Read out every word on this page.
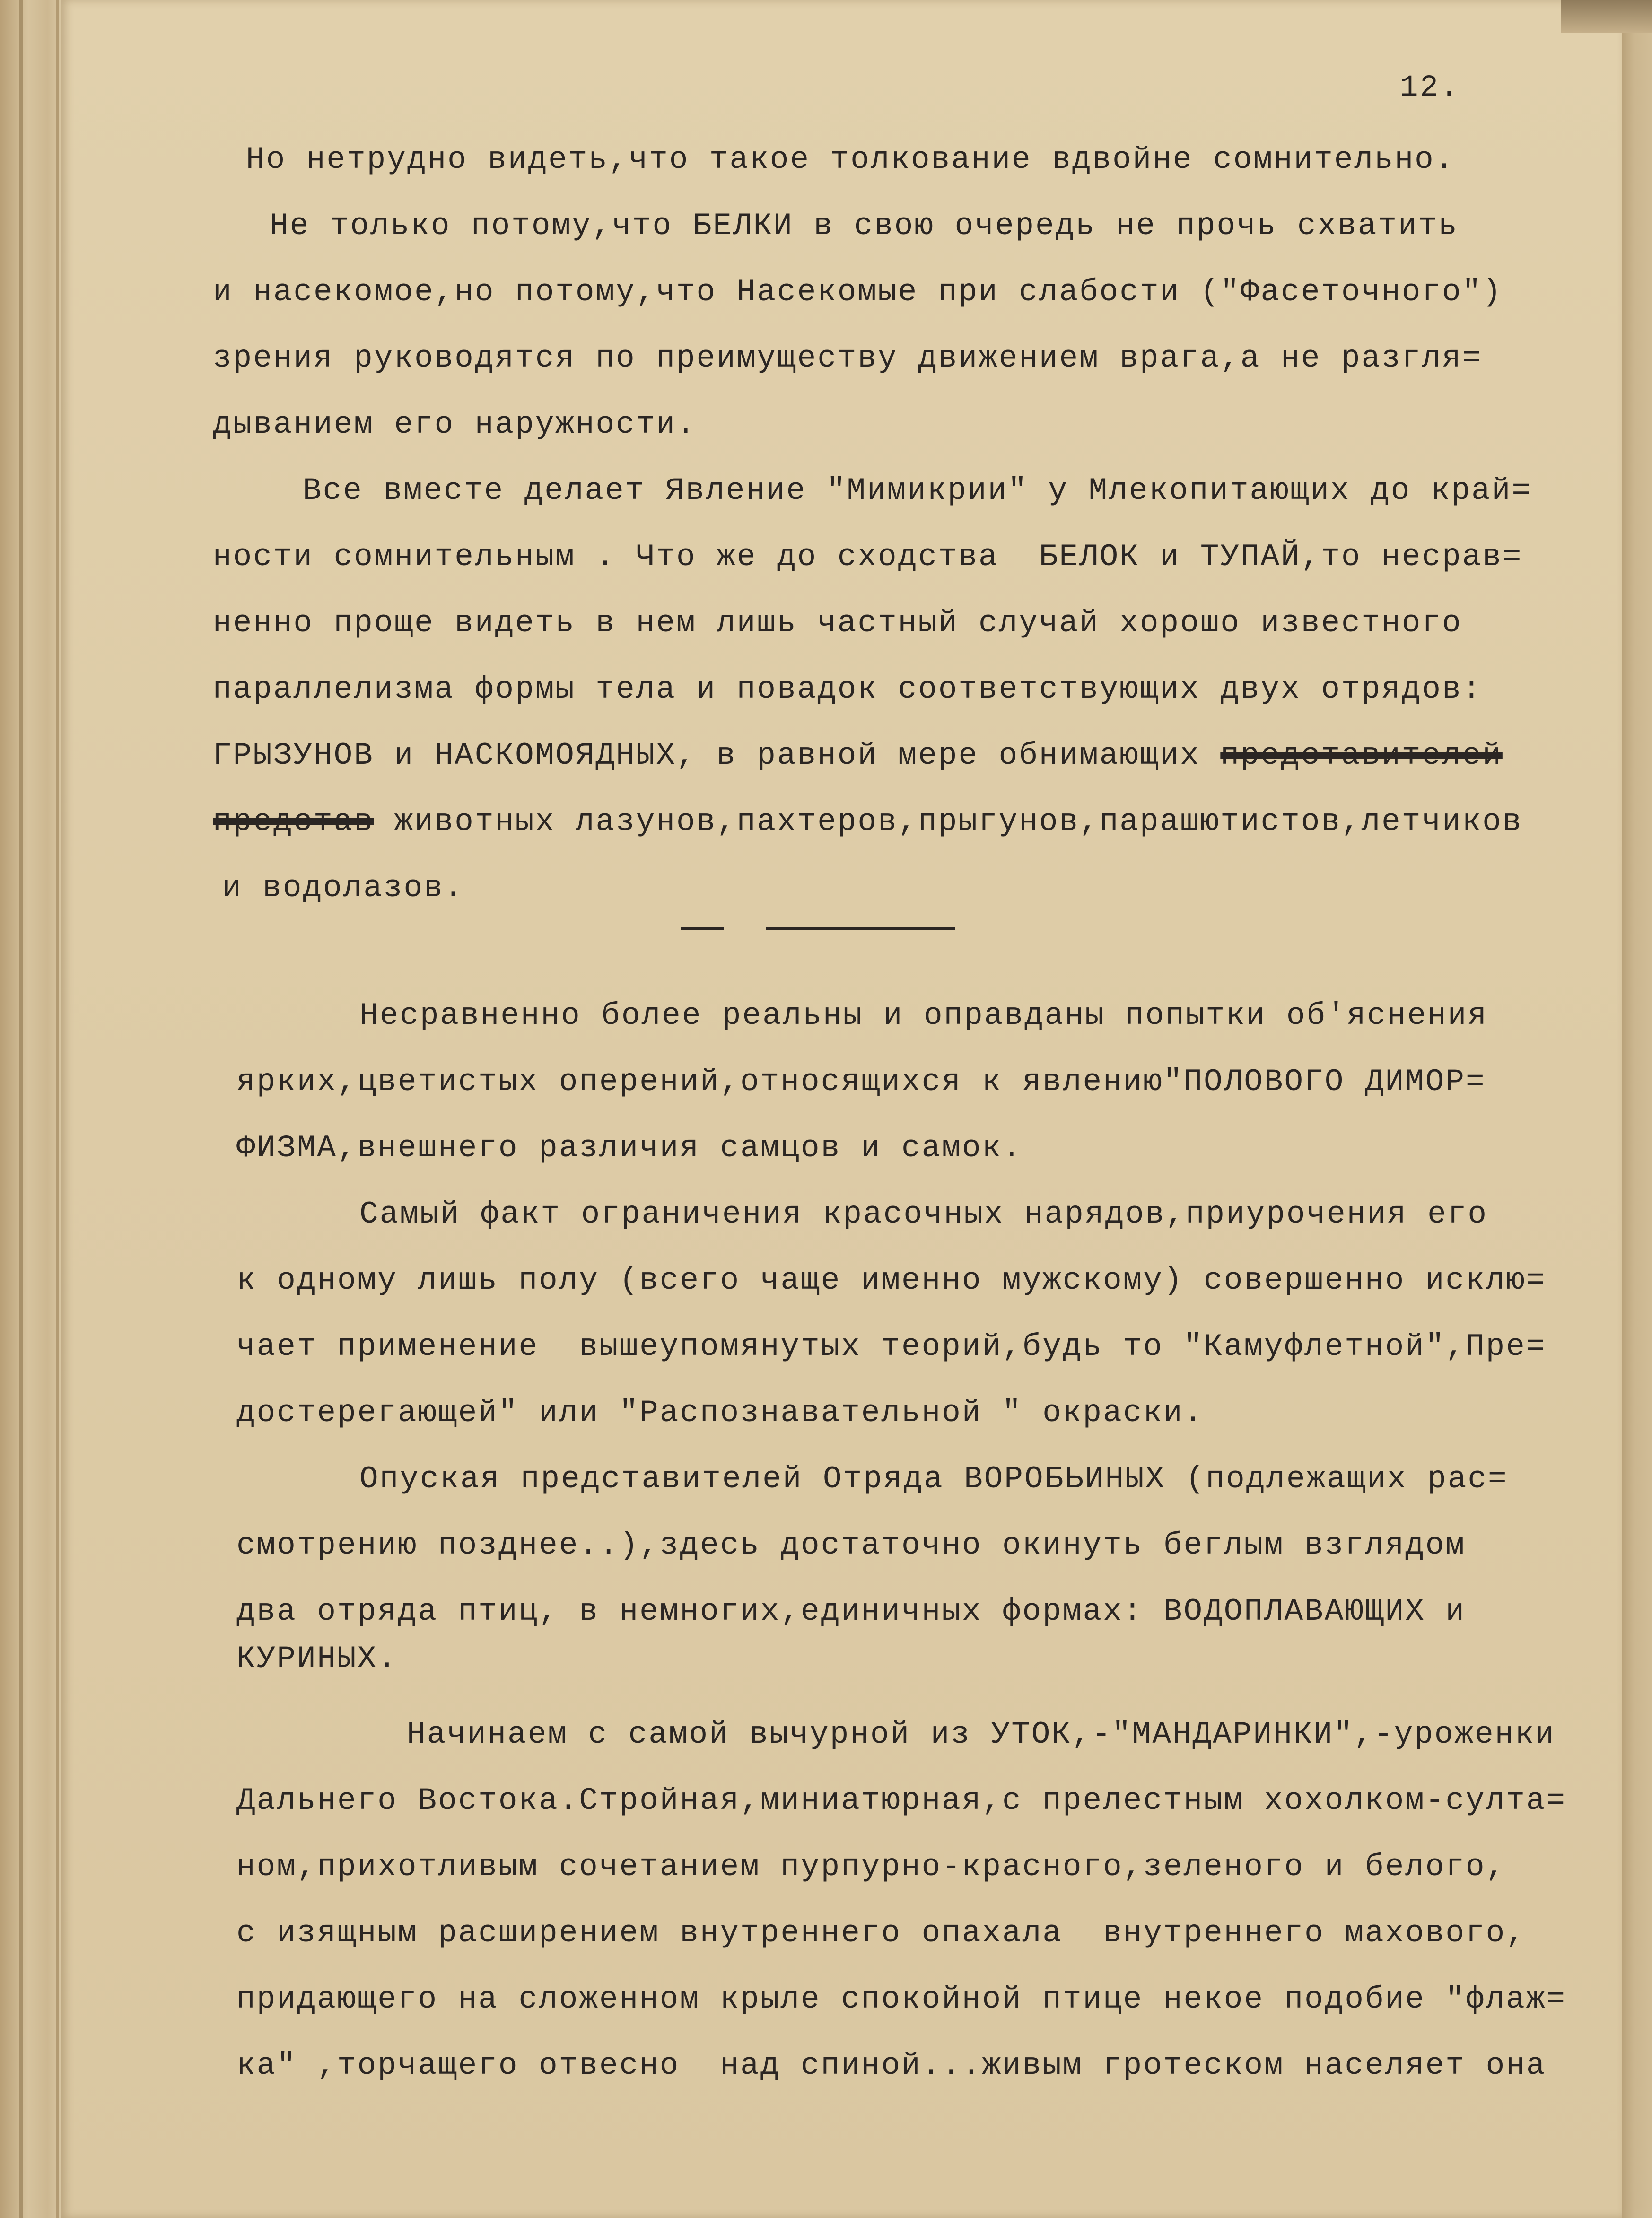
12.
Но нетрудно видеть,что такое толкование вдвойне сомнительно.
Не только потому,что БЕЛКИ в свою очередь не прочь схватить
и насекомое,но потому,что Насекомые при слабости ("Фасеточного")
зрения руководятся по преимуществу движением врага,а не разгля=
дыванием его наружности.
Все вместе делает Явление "Мимикрии" у Млекопитающих до край=
ности сомнительным . Что же до сходства  БЕЛОК и ТУПАЙ,то несрав=
ненно проще видеть в нем лишь частный случай хорошо известного
параллелизма формы тела и повадок соответствующих двух отрядов:
ГРЫЗУНОВ и НАСКОМОЯДНЫХ, в равной мере обнимающих представителей
представ животных лазунов,пахтеров,прыгунов,парашютистов,летчиков
и водолазов.
Несравненно более реальны и оправданы попытки об'яснения
ярких,цветистых оперений,относящихся к явлению"ПОЛОВОГО ДИМОР=
ФИЗМА,внешнего различия самцов и самок.
Самый факт ограничения красочных нарядов,приурочения его
к одному лишь полу (всего чаще именно мужскому) совершенно исклю=
чает применение  вышеупомянутых теорий,будь то "Камуфлетной",Пре=
достерегающей" или "Распознавательной " окраски.
Опуская представителей Отряда ВОРОБЬИНЫХ (подлежащих рас=
смотрению позднее..),здесь достаточно окинуть беглым взглядом
два отряда птиц, в немногих,единичных формах: ВОДОПЛАВАЮЩИХ и
КУРИНЫХ.
Начинаем с самой вычурной из УТОК,-"МАНДАРИНКИ",-уроженки
Дальнего Востока.Стройная,миниатюрная,с прелестным хохолком-султа=
ном,прихотливым сочетанием пурпурно-красного,зеленого и белого,
с изящным расширением внутреннего опахала  внутреннего махового,
придающего на сложенном крыле спокойной птице некое подобие "флаж=
ка" ,торчащего отвесно  над спиной...живым гротеском населяет она
